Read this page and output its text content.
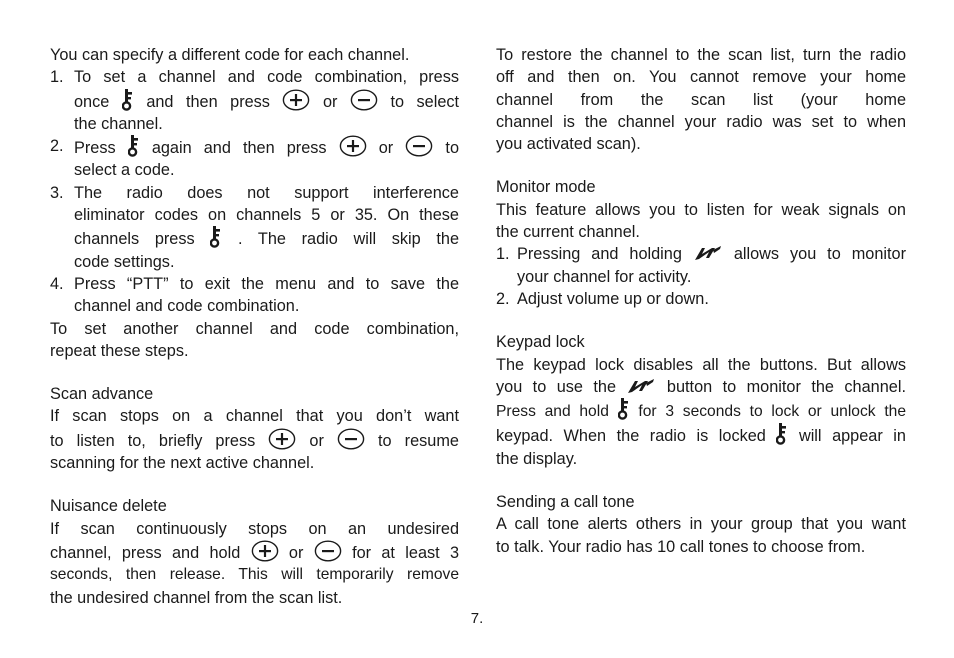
You can specify a different code for each channel.

1. To set a channel and code combination, press

once and then press	or	to select

the channel.

2. Press again and then press	or	to

select a code.

3. The radio does not support interference

eliminator codes on channels 5 or 35. On these

channels press	. The radio will skip the

code settings.

4. Press “PTT” to exit the menu and to save the

channel and code combination.

To set another channel and code combination,

repeat these steps.

Scan advance

If scan stops on a channel that you don’t want

to listen to, briefly press	or	to resume

scanning for the next active channel.

Nuisance delete

If scan continuously stops on an undesired

channel, press and hold	or	for at least 3

seconds, then release. This will temporarily remove

the undesired channel from the scan list.

To restore the channel to the scan list, turn the radio

off and then on. You cannot remove your home

channel from the scan list (your home

channel is the channel your radio was set to when

you activated scan).

Monitor mode

This feature allows you to listen for weak signals on

the current channel.

1. Pressing and holding	allows you to monitor

your channel for activity.

2. Adjust volume up or down.

Keypad lock

The keypad lock disables all the buttons. But allows

you to use the	button to monitor the channel.

Press and hold for 3 seconds to lock or unlock the

keypad. When the radio is locked will appear in

the display.

Sending a call tone

A call tone alerts others in your group that you want

to talk. Your radio has 10 call tones to choose from.

7.
